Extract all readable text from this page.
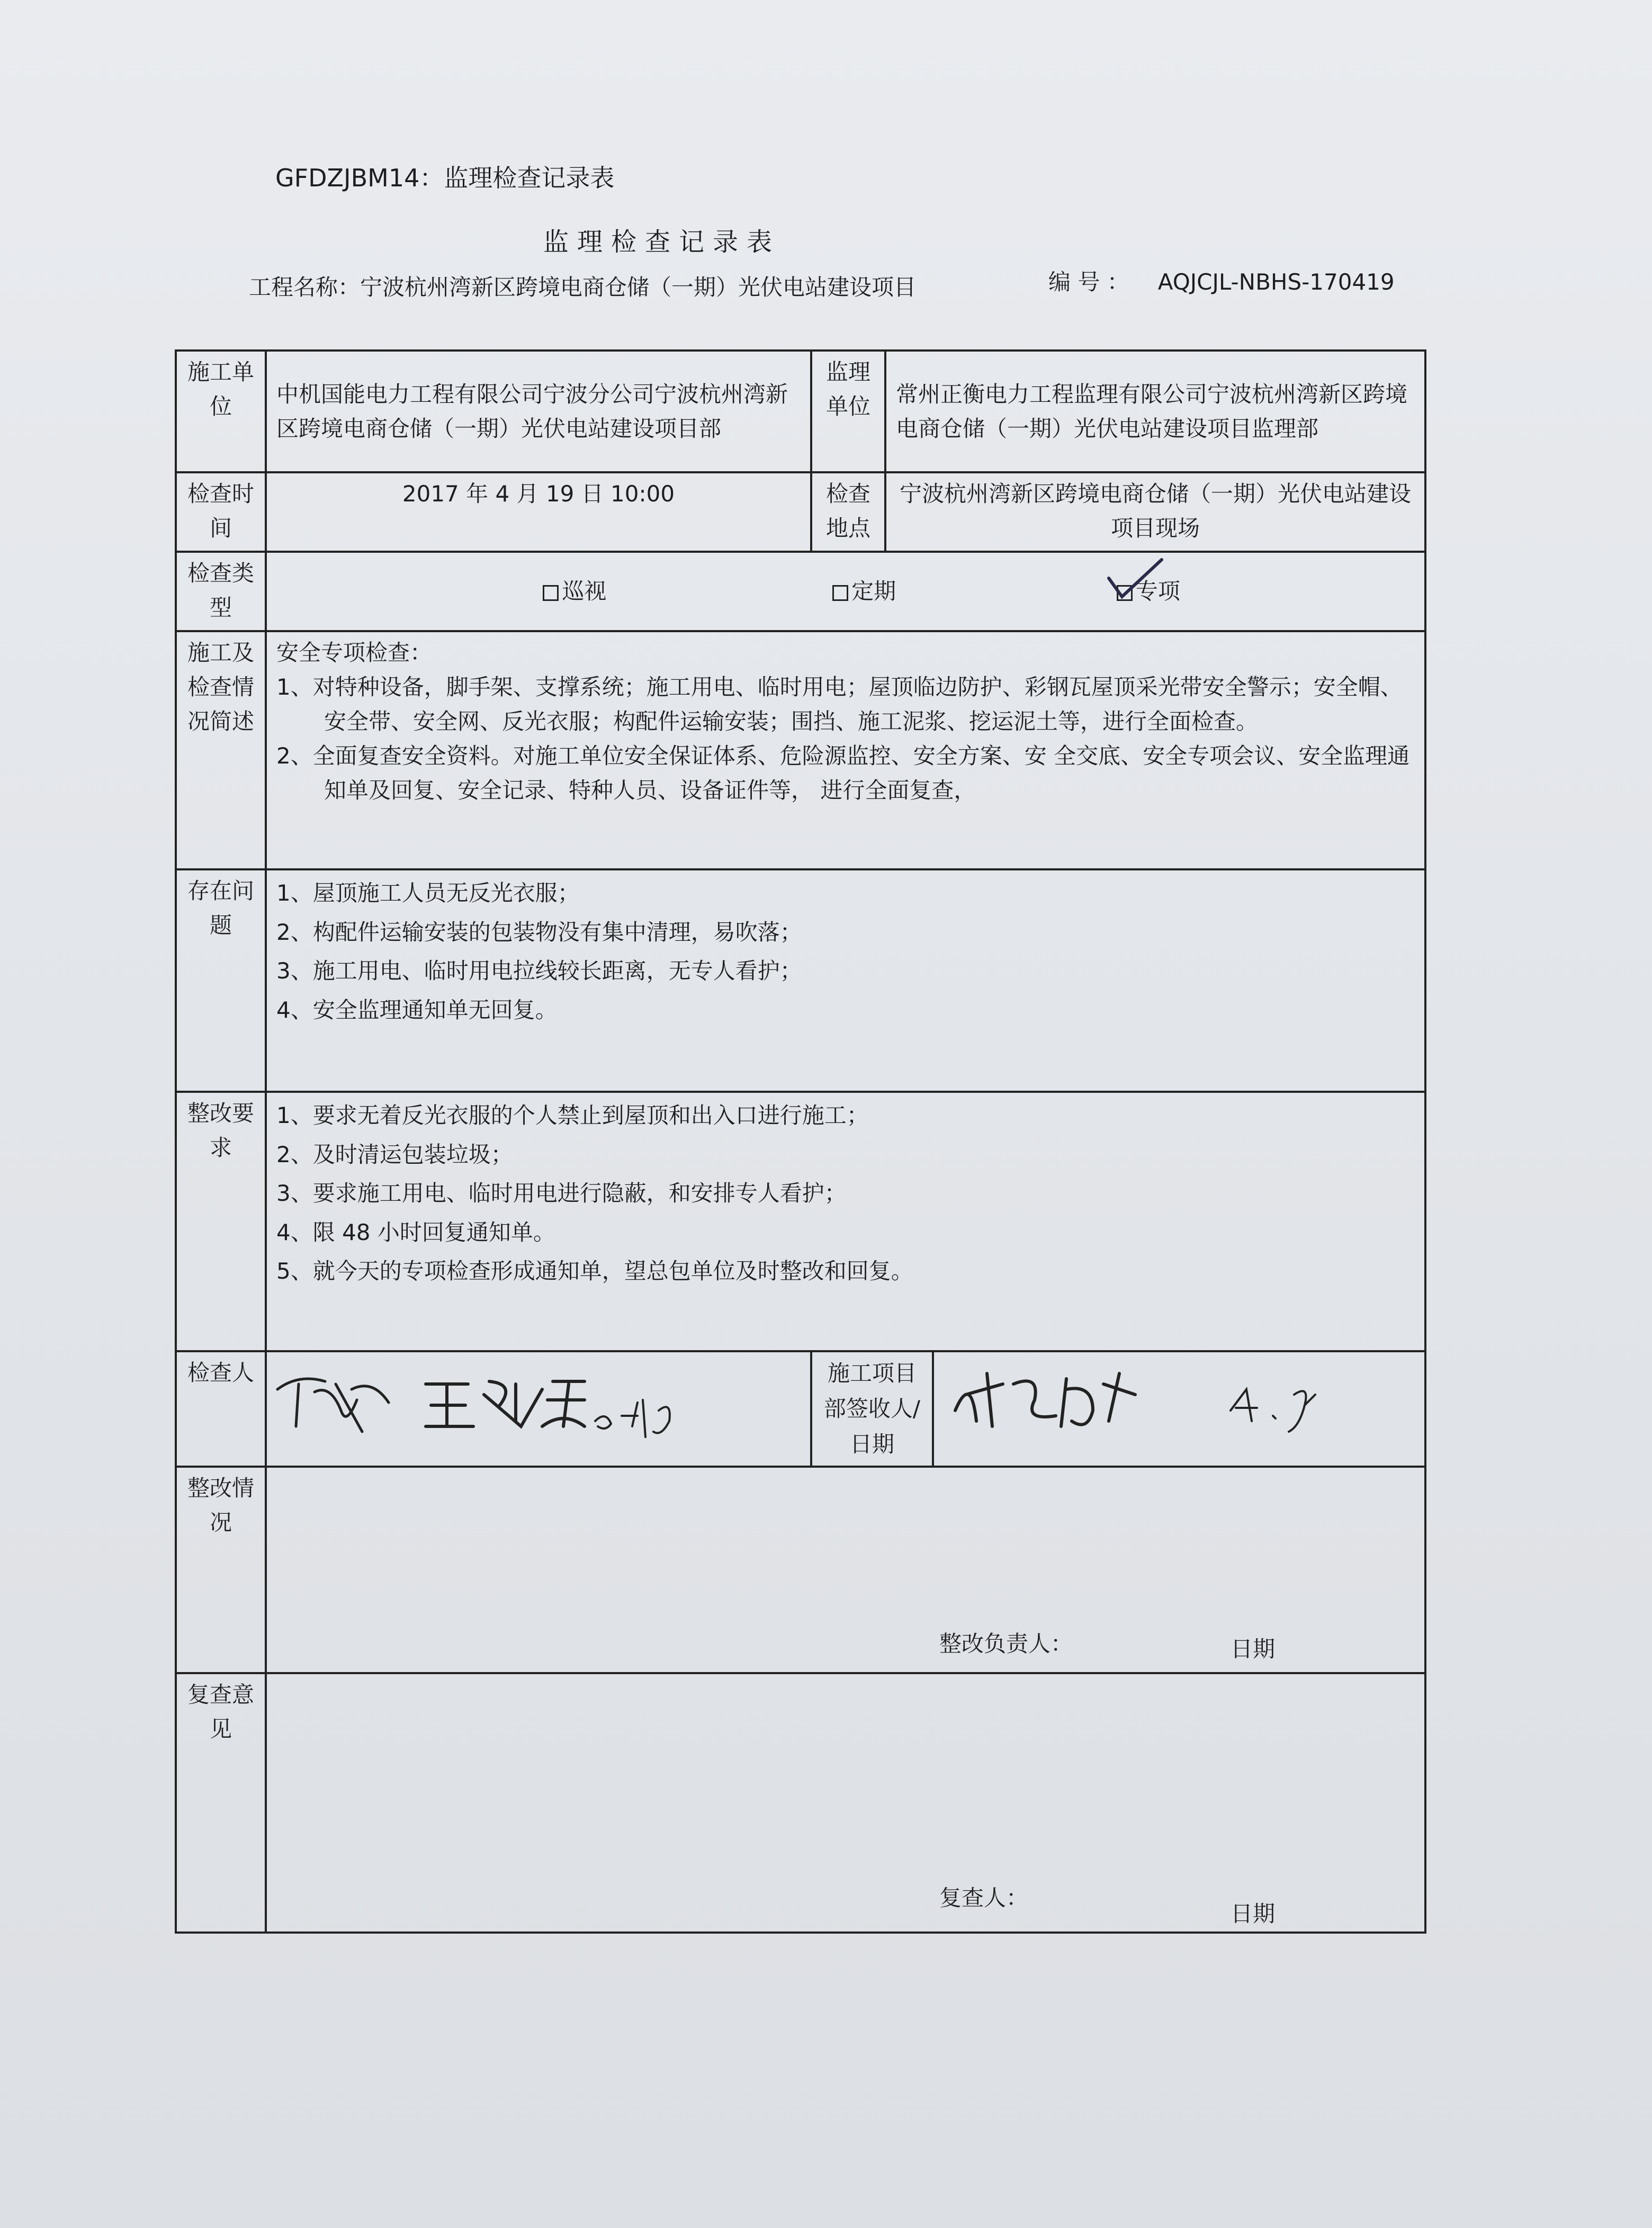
GFDZJBM14：监理检查记录表
监理检查记录表
工程名称：宁波杭州湾新区跨境电商仓储（一期）光伏电站建设项目	编 号 ： AQJCJL-NBHS-170419
施工单位	中机国能电力工程有限公司宁波分公司宁波杭州湾新区跨境电商仓储（一期）光伏电站建设项目部	监理单位	常州正衡电力工程监理有限公司宁波杭州湾新区跨境电商仓储（一期）光伏电站建设项目监理部	
检查时间	2017 年 4 月 19 日 10:00	检查地点	宁波杭州湾新区跨境电商仓储（一期）光伏电站建设项目现场	
检查类型	巡视 定期 专项			

施工及检查情况简述	安全专项检查：
1、对特种设备，脚手架、支撑系统；施工用电、临时用电；屋顶临边防护、彩钢瓦屋顶采光带安全警示；安全帽、安全带、安全网、反光衣服；构配件运输安装；围挡、施工泥浆、挖运泥土等，进行全面检查。
2、全面复查安全资料。对施工单位安全保证体系、危险源监控、安全方案、安 全交底、安全专项会议、安全监理通知单及回复、安全记录、特种人员、设备证件等， 进行全面复查，			

存在问题	1、屋顶施工人员无反光衣服；
2、构配件运输安装的包装物没有集中清理，易吹落；
3、施工用电、临时用电拉线较长距离，无专人看护；
4、安全监理通知单无回复。			

整改要求	1、要求无着反光衣服的个人禁止到屋顶和出入口进行施工；
2、及时清运包装垃圾；
3、要求施工用电、临时用电进行隐蔽，和安排专人看护；
4、限 48 小时回复通知单。
5、就今天的专项检查形成通知单，望总包单位及时整改和回复。			

检查人		施工项目部签收人/日期	

整改情况	整改负责人： 日期			

复查意见	复查人：
日期			
